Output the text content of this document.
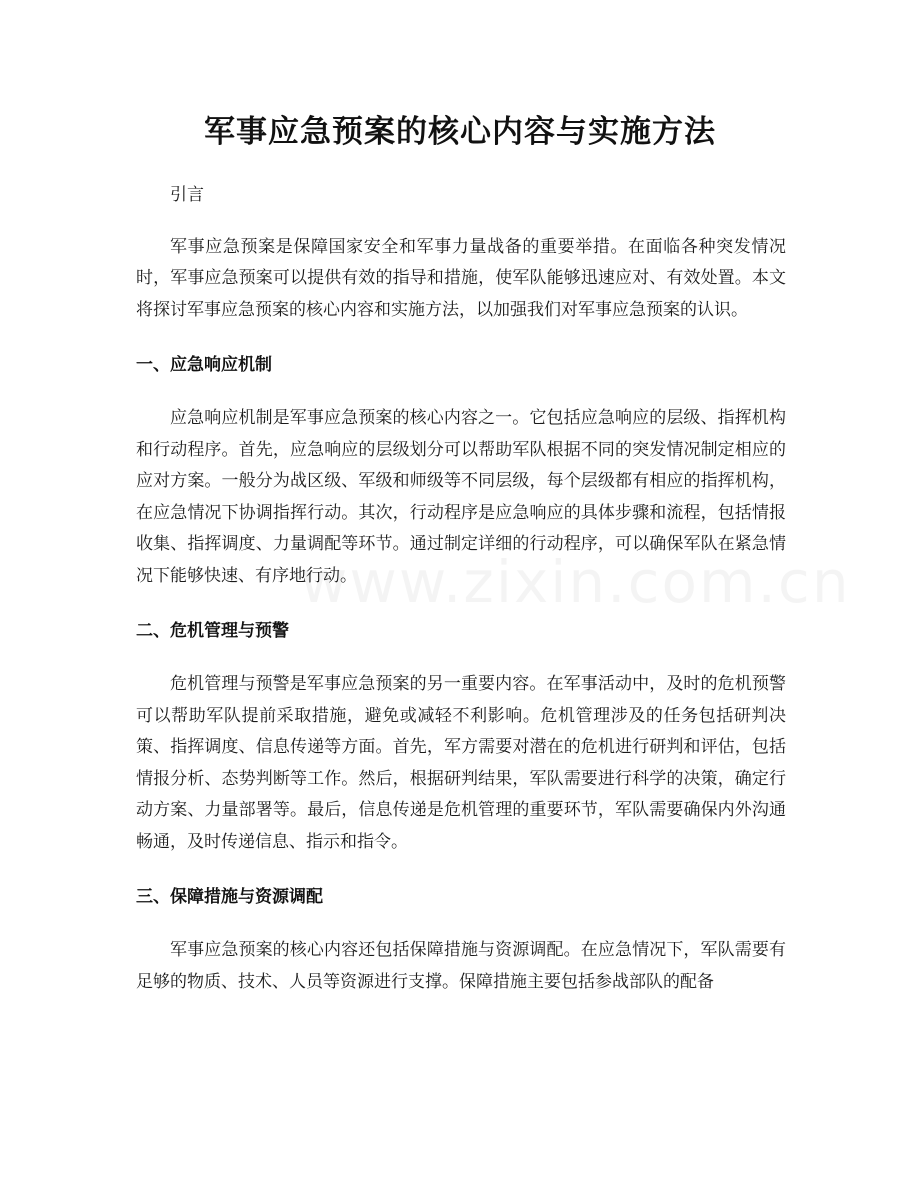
军事应急预案的核心内容与实施方法

引言

军事应急预案是保障国家安全和军事力量战备的重要举措。在面临各种突发情况时，军事应急预案可以提供有效的指导和措施，使军队能够迅速应对、有效处置。本文将探讨军事应急预案的核心内容和实施方法，以加强我们对军事应急预案的认识。

一、应急响应机制

应急响应机制是军事应急预案的核心内容之一。它包括应急响应的层级、指挥机构和行动程序。首先，应急响应的层级划分可以帮助军队根据不同的突发情况制定相应的应对方案。一般分为战区级、军级和师级等不同层级，每个层级都有相应的指挥机构，在应急情况下协调指挥行动。其次，行动程序是应急响应的具体步骤和流程，包括情报收集、指挥调度、力量调配等环节。通过制定详细的行动程序，可以确保军队在紧急情况下能够快速、有序地行动。

二、危机管理与预警

危机管理与预警是军事应急预案的另一重要内容。在军事活动中，及时的危机预警可以帮助军队提前采取措施，避免或减轻不利影响。危机管理涉及的任务包括研判决策、指挥调度、信息传递等方面。首先，军方需要对潜在的危机进行研判和评估，包括情报分析、态势判断等工作。然后，根据研判结果，军队需要进行科学的决策，确定行动方案、力量部署等。最后，信息传递是危机管理的重要环节，军队需要确保内外沟通畅通，及时传递信息、指示和指令。

三、保障措施与资源调配

军事应急预案的核心内容还包括保障措施与资源调配。在应急情况下，军队需要有足够的物质、技术、人员等资源进行支撑。保障措施主要包括参战部队的配备
